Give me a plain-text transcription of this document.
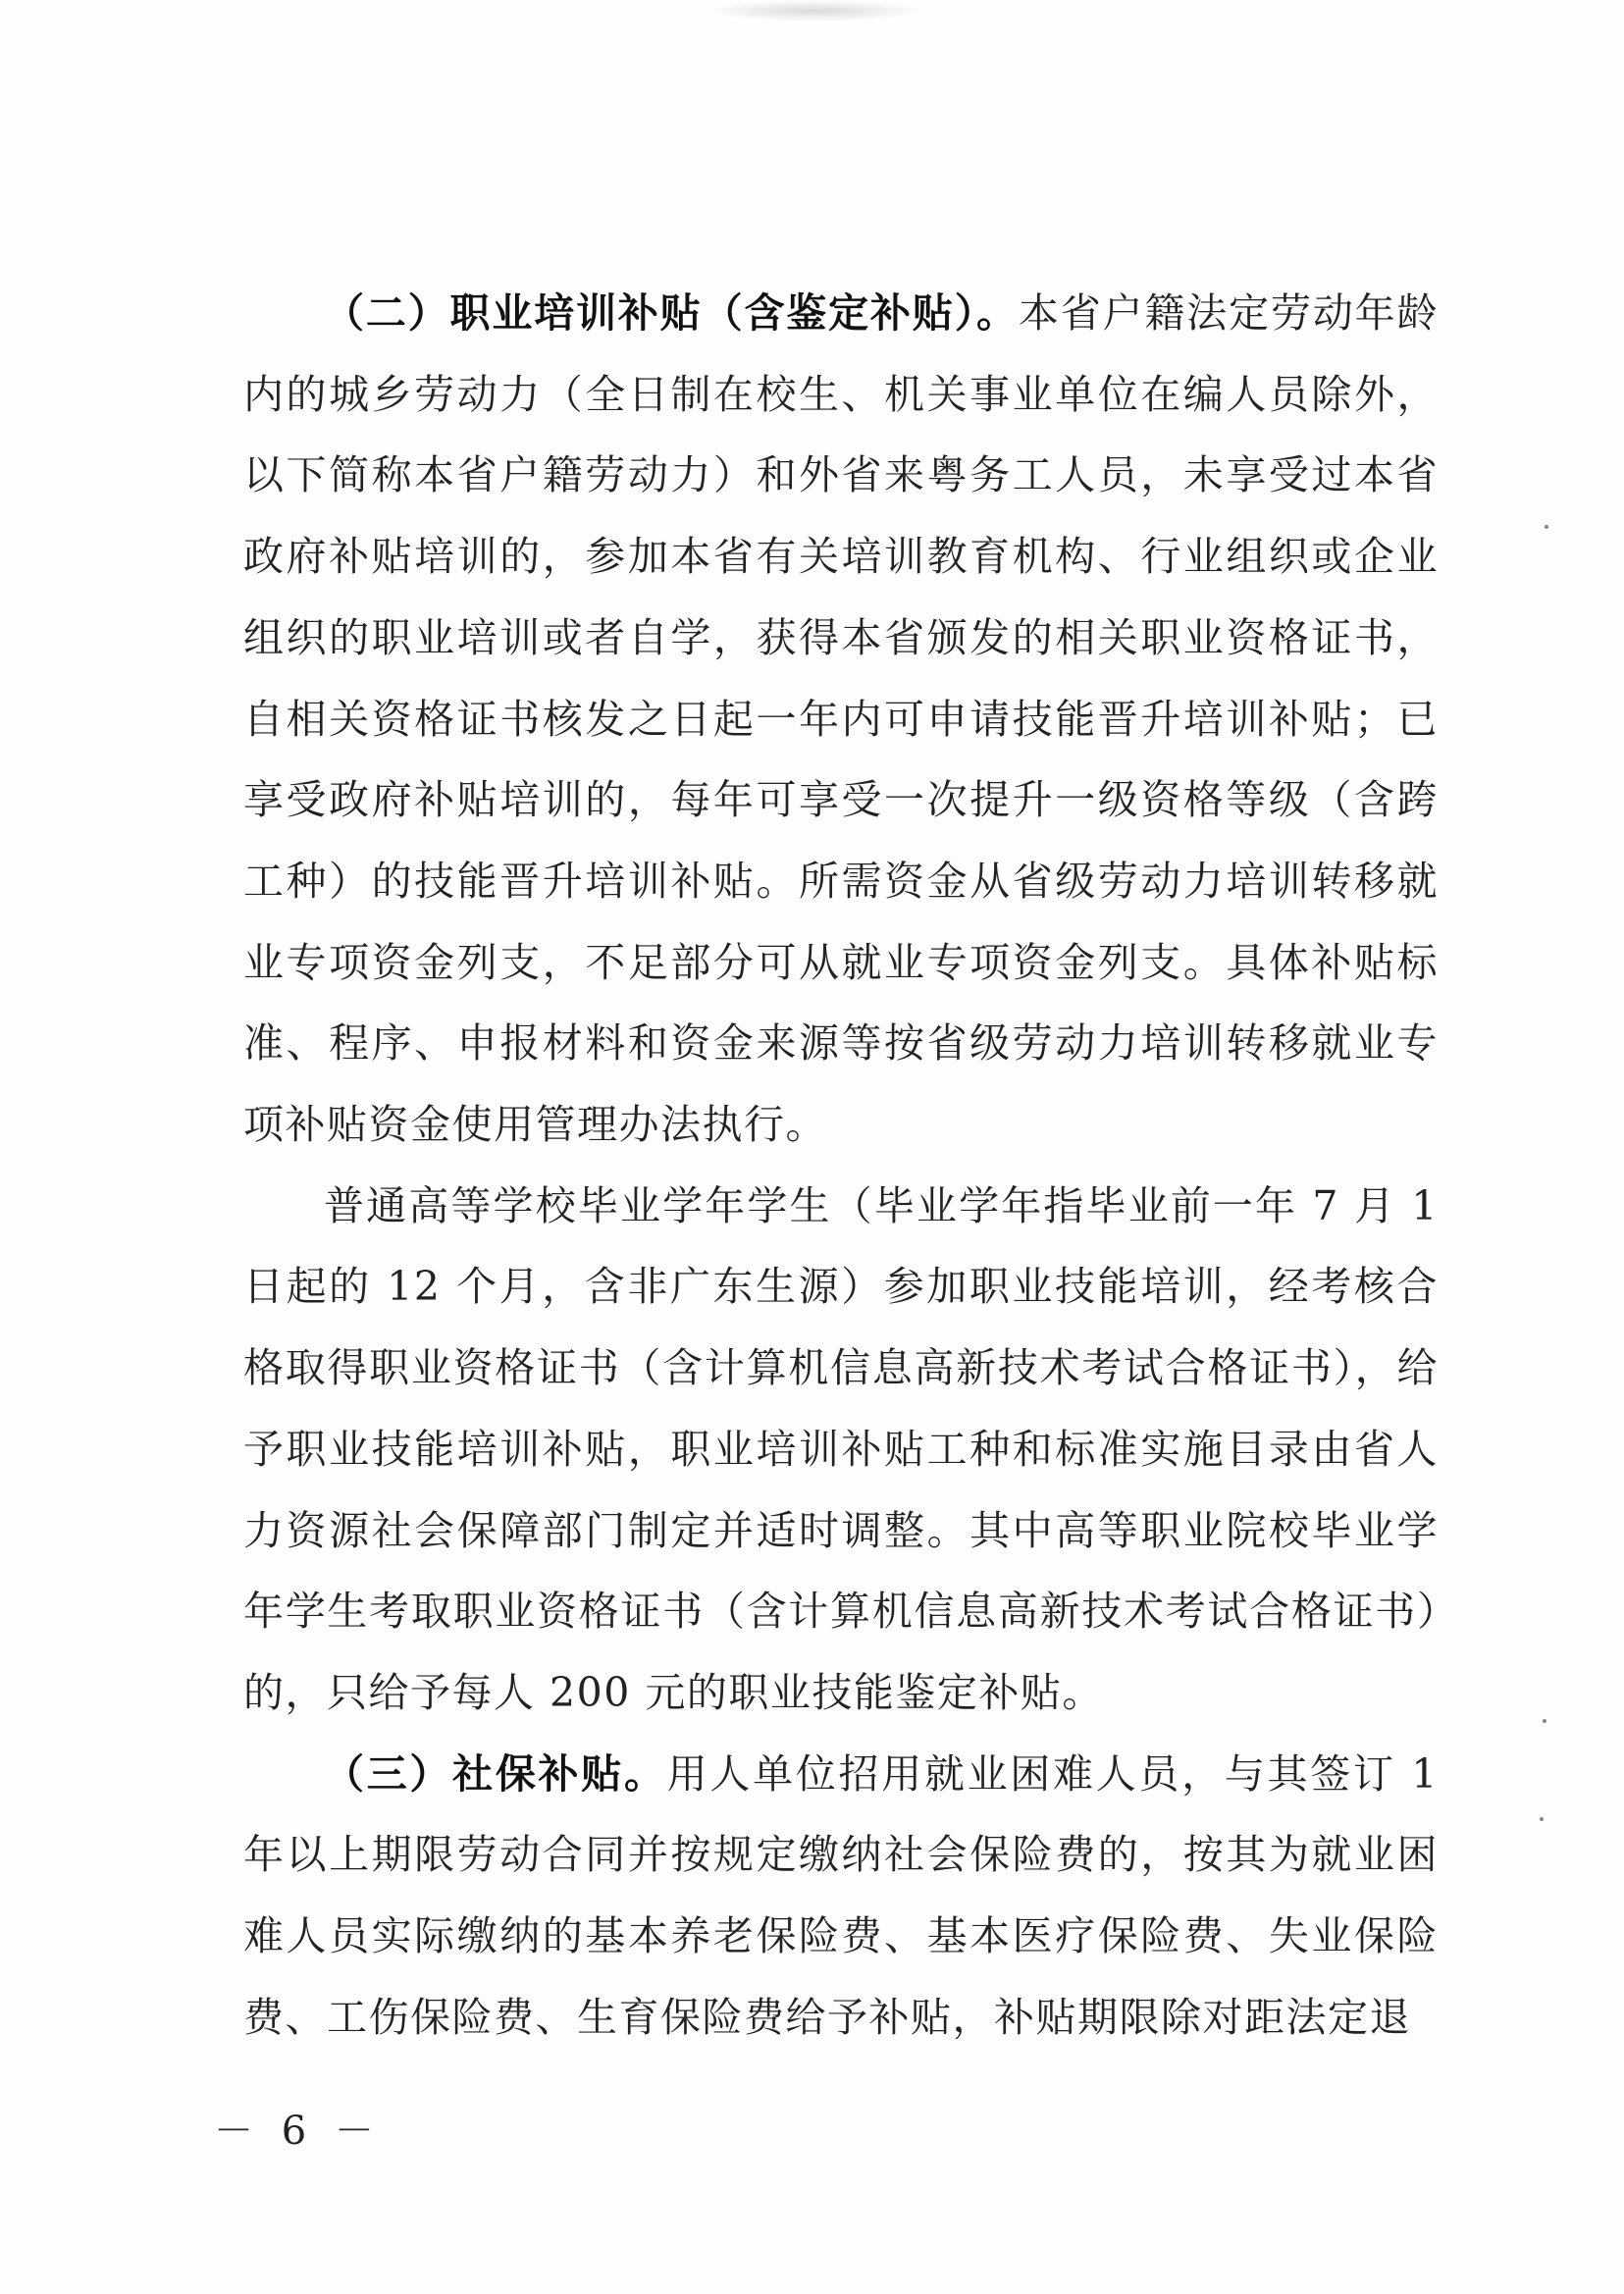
（二）职业培训补贴（含鉴定补贴）。本省户籍法定劳动年龄内的城乡劳动力（全日制在校生、机关事业单位在编人员除外，以下简称本省户籍劳动力）和外省来粤务工人员，未享受过本省政府补贴培训的，参加本省有关培训教育机构、行业组织或企业组织的职业培训或者自学，获得本省颁发的相关职业资格证书，自相关资格证书核发之日起一年内可申请技能晋升培训补贴；已享受政府补贴培训的，每年可享受一次提升一级资格等级（含跨工种）的技能晋升培训补贴。所需资金从省级劳动力培训转移就业专项资金列支，不足部分可从就业专项资金列支。具体补贴标准、程序、申报材料和资金来源等按省级劳动力培训转移就业专项补贴资金使用管理办法执行。

普通高等学校毕业学年学生（毕业学年指毕业前一年 7 月 1 日起的 12 个月，含非广东生源）参加职业技能培训，经考核合格取得职业资格证书（含计算机信息高新技术考试合格证书），给予职业技能培训补贴，职业培训补贴工种和标准实施目录由省人力资源社会保障部门制定并适时调整。其中高等职业院校毕业学年学生考取职业资格证书（含计算机信息高新技术考试合格证书）的，只给予每人 200 元的职业技能鉴定补贴。

（三）社保补贴。用人单位招用就业困难人员，与其签订 1 年以上期限劳动合同并按规定缴纳社会保险费的，按其为就业困难人员实际缴纳的基本养老保险费、基本医疗保险费、失业保险费、工伤保险费、生育保险费给予补贴，补贴期限除对距法定退

－ 6 －
